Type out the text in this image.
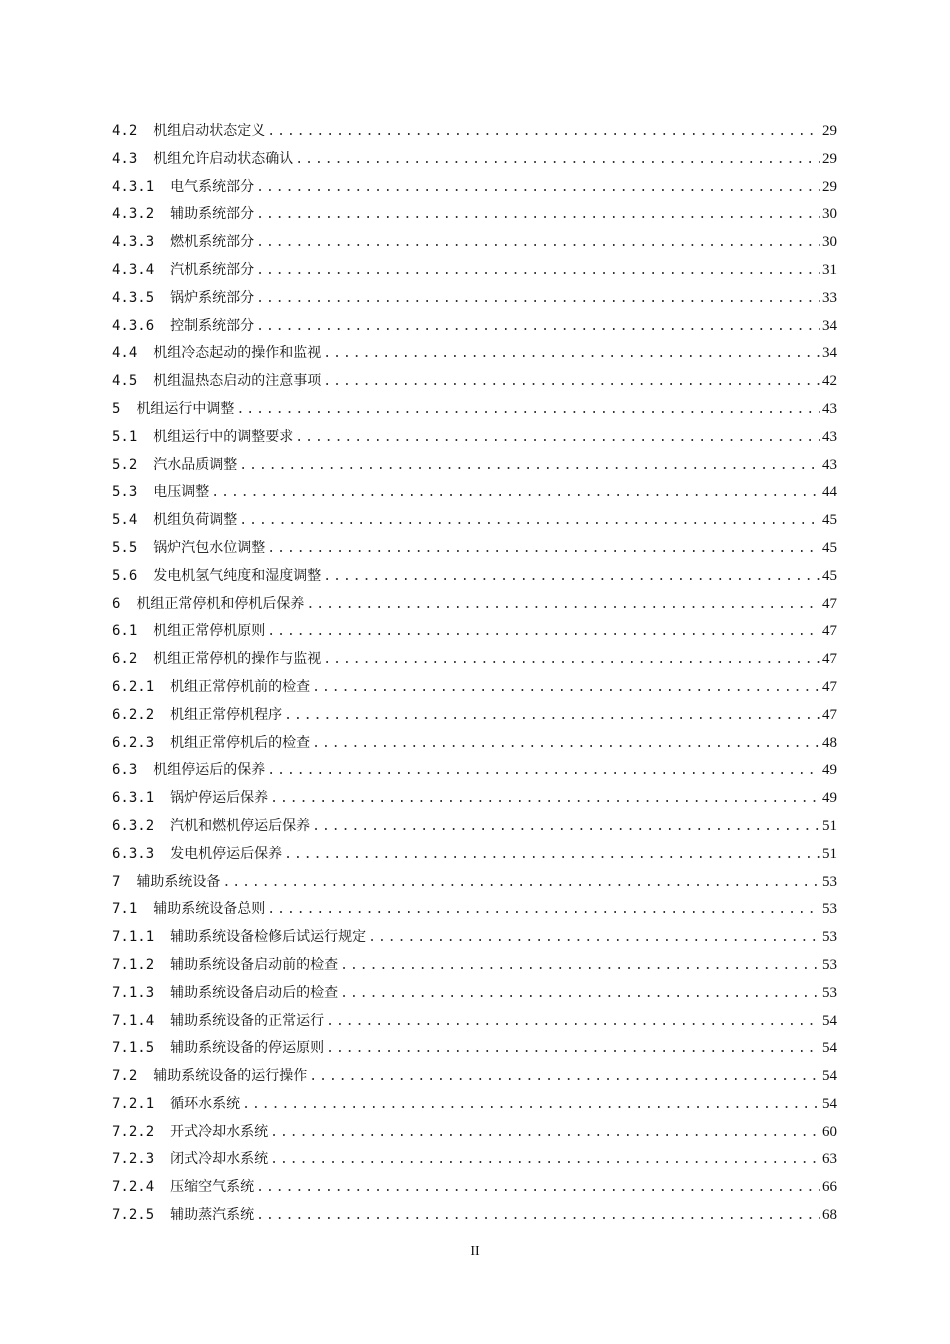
4.2 机组启动状态定义 .....	29
4.3 机组允许启动状态确认 .....	29
4.3.1 电气系统部分 .....	29
4.3.2 辅助系统部分 .....	30
4.3.3 燃机系统部分 .....	30
4.3.4 汽机系统部分 .....	31
4.3.5 锅炉系统部分 .....	33
4.3.6 控制系统部分 .....	34
4.4 机组冷态起动的操作和监视 .....	34
4.5 机组温热态启动的注意事项 .....	42
5 机组运行中调整 .....	43
5.1 机组运行中的调整要求 .....	43
5.2 汽水品质调整 .....	43
5.3 电压调整 .....	44
5.4 机组负荷调整 .....	45
5.5 锅炉汽包水位调整 .....	45
5.6 发电机氢气纯度和湿度调整 .....	45
6 机组正常停机和停机后保养 .....	47
6.1 机组正常停机原则 .....	47
6.2 机组正常停机的操作与监视 .....	47
6.2.1 机组正常停机前的检查 .....	47
6.2.2 机组正常停机程序 .....	47
6.2.3 机组正常停机后的检查 .....	48
6.3 机组停运后的保养 .....	49
6.3.1 锅炉停运后保养 .....	49
6.3.2 汽机和燃机停运后保养 .....	51
6.3.3 发电机停运后保养 .....	51
7 辅助系统设备 .....	53
7.1 辅助系统设备总则 .....	53
7.1.1 辅助系统设备检修后试运行规定 .....	53
7.1.2 辅助系统设备启动前的检查 .....	53
7.1.3 辅助系统设备启动后的检查 .....	53
7.1.4 辅助系统设备的正常运行 .....	54
7.1.5 辅助系统设备的停运原则 .....	54
7.2 辅助系统设备的运行操作 .....	54
7.2.1 循环水系统 .....	54
7.2.2 开式冷却水系统 .....	60
7.2.3 闭式冷却水系统 .....	63
7.2.4 压缩空气系统 .....	66
7.2.5 辅助蒸汽系统 .....	68
II
